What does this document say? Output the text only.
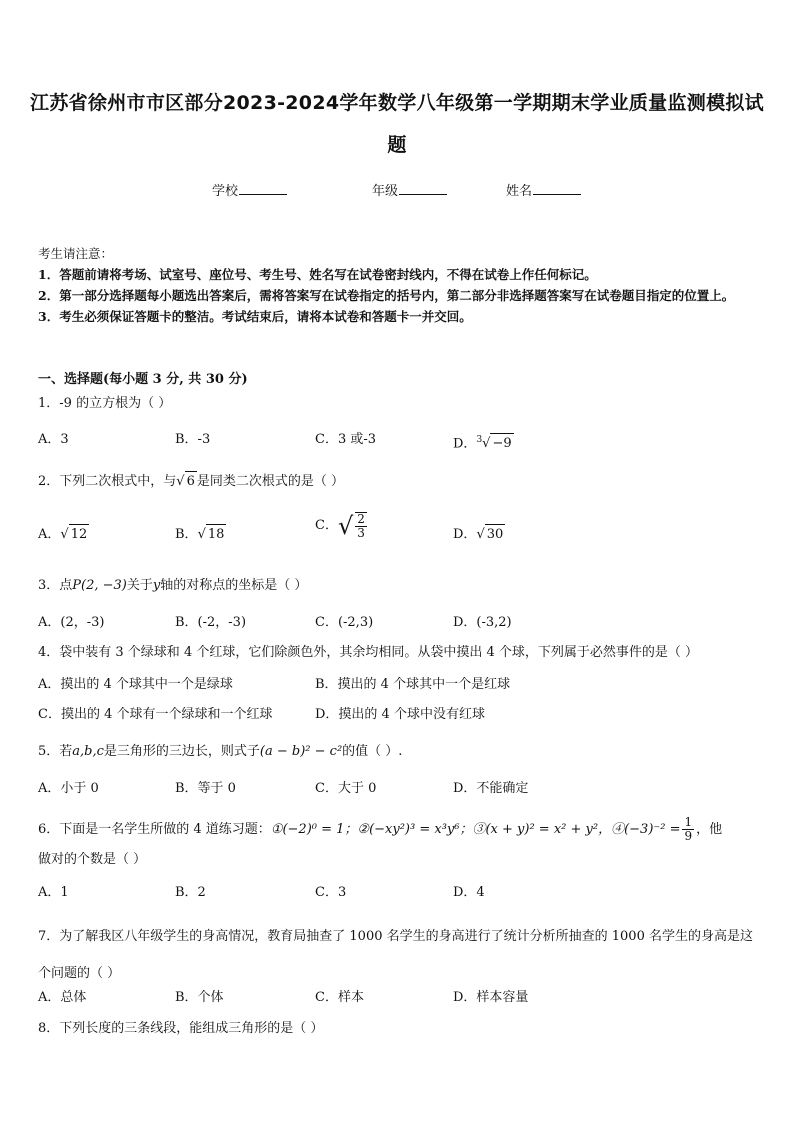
江苏省徐州市市区部分2023-2024学年数学八年级第一学期期末学业质量监测模拟试
题
学校	年级	姓名
考生请注意：
1．答题前请将考场、试室号、座位号、考生号、姓名写在试卷密封线内，不得在试卷上作任何标记。
2．第一部分选择题每小题选出答案后，需将答案写在试卷指定的括号内，第二部分非选择题答案写在试卷题目指定的位置上。
3．考生必须保证答题卡的整洁。考试结束后，请将本试卷和答题卡一并交回。
一、选择题(每小题 3 分, 共 30 分)
1．-9 的立方根为（ ）
A．3	B．-3	C．3 或-3	D．$^3$√ −9
2．下列二次根式中，与√ 6 是同类二次根式的是（ ）
A．√ 12	B．√ 18
C．√ $\frac{2}{3}$	D．√ 30
3．点P(2, −3)关于y轴的对称点的坐标是（ ）
A．(2，-3)	B．(-2，-3)	C．(-2,3)	D．(-3,2)
4．袋中装有 3 个绿球和 4 个红球，它们除颜色外，其余均相同。从袋中摸出 4 个球，下列属于必然事件的是（ ）
A．摸出的 4 个球其中一个是绿球	B．摸出的 4 个球其中一个是红球
C．摸出的 4 个球有一个绿球和一个红球	D．摸出的 4 个球中没有红球
5．若a,b,c是三角形的三边长，则式子(a − b)² − c²的值（ ）.
A．小于 0	B．等于 0	C．大于 0	D．不能确定
6．下面是一名学生所做的 4 道练习题：①(−2)⁰ = 1；②(−xy²)³ = x³y⁶；③(x + y)² = x² + y²，④(−3)⁻² = $\frac{1}{9}$ ，他
做对的个数是（ ）
A．1	B．2	C．3	D．4
7．为了解我区八年级学生的身高情况，教育局抽查了 1000 名学生的身高进行了统计分析所抽查的 1000 名学生的身高是这个问题的（ ）
A．总体	B．个体	C．样本	D．样本容量
8．下列长度的三条线段，能组成三角形的是（ ）
